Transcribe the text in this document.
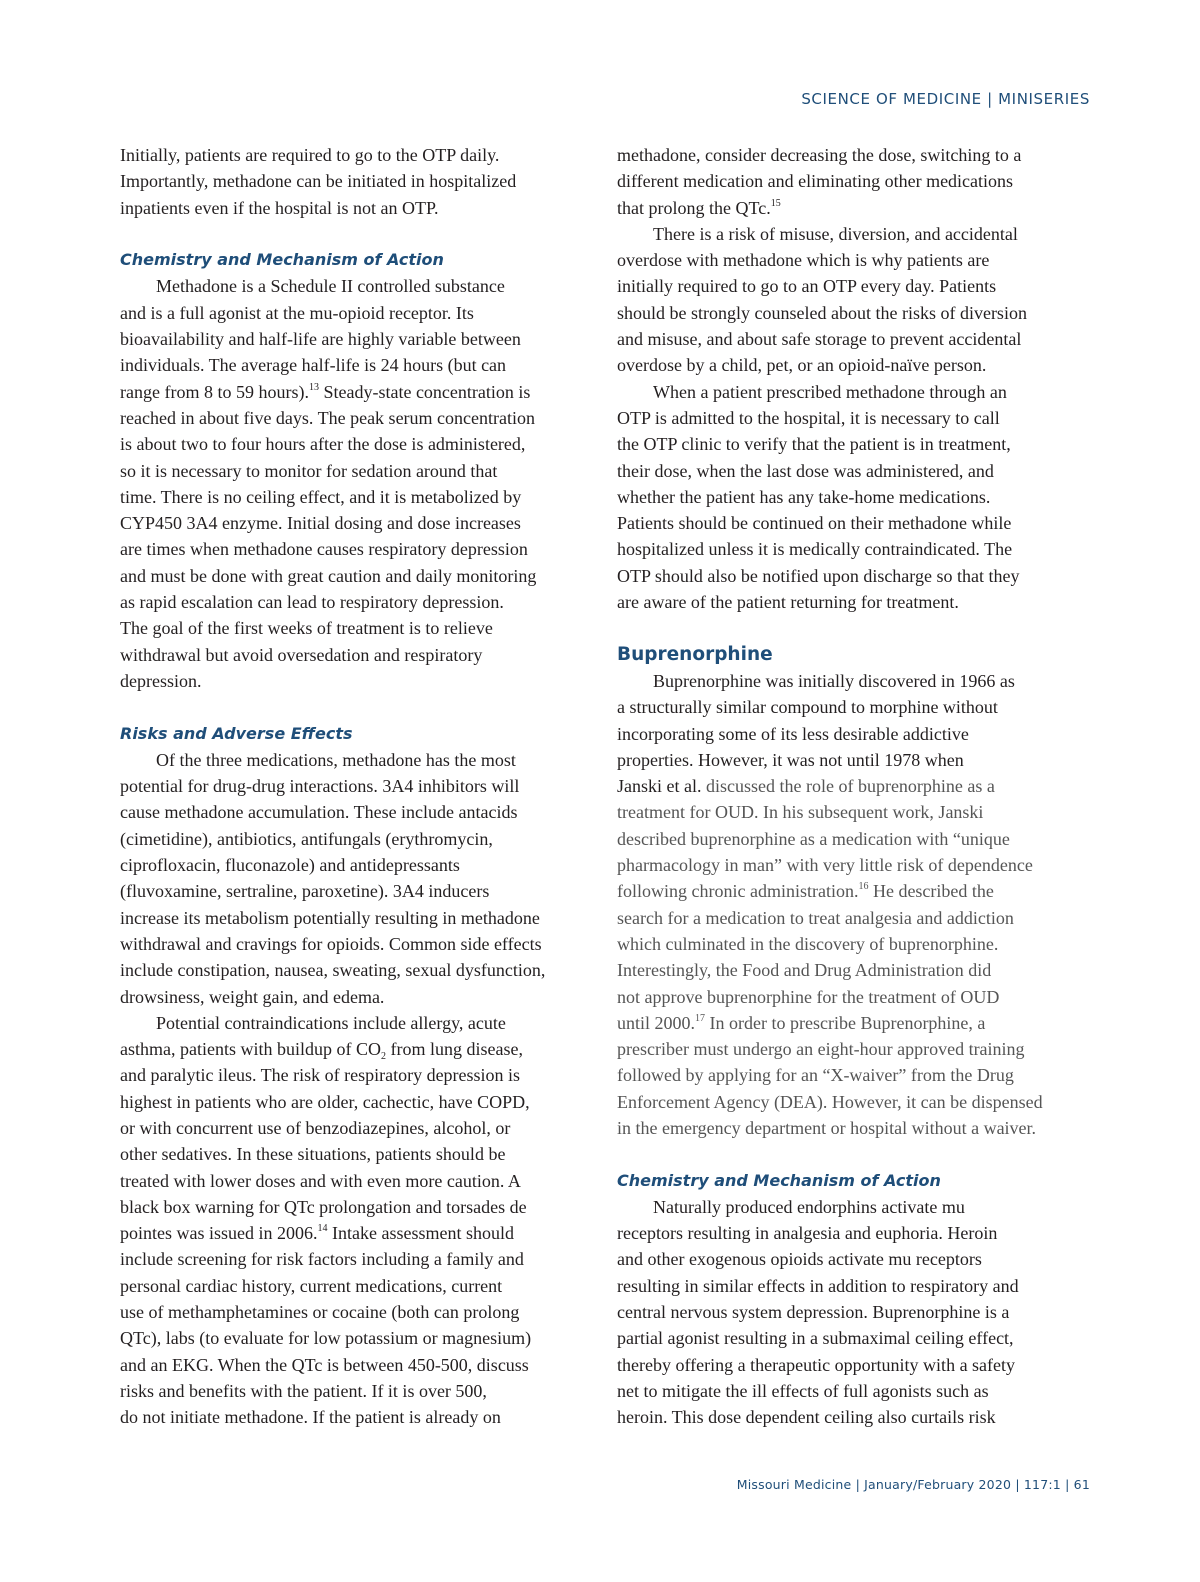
SCIENCE OF MEDICINE | MINISERIES

Initially, patients are required to go to the OTP daily.
Importantly, methadone can be initiated in hospitalized
inpatients even if the hospital is not an OTP.

Chemistry and Mechanism of Action

Methadone is a Schedule II controlled substance
and is a full agonist at the mu-opioid receptor. Its
bioavailability and half-life are highly variable between
individuals. The average half-life is 24 hours (but can
range from 8 to 59 hours).$^{13}$ Steady-state concentration is
reached in about five days. The peak serum concentration
is about two to four hours after the dose is administered,
so it is necessary to monitor for sedation around that
time. There is no ceiling effect, and it is metabolized by
CYP450 3A4 enzyme. Initial dosing and dose increases
are times when methadone causes respiratory depression
and must be done with great caution and daily monitoring
as rapid escalation can lead to respiratory depression.
The goal of the first weeks of treatment is to relieve
withdrawal but avoid oversedation and respiratory
depression.

Risks and Adverse Effects

Of the three medications, methadone has the most
potential for drug-drug interactions. 3A4 inhibitors will
cause methadone accumulation. These include antacids
(cimetidine), antibiotics, antifungals (erythromycin,
ciprofloxacin, fluconazole) and antidepressants
(fluvoxamine, sertraline, paroxetine). 3A4 inducers
increase its metabolism potentially resulting in methadone
withdrawal and cravings for opioids. Common side effects
include constipation, nausea, sweating, sexual dysfunction,
drowsiness, weight gain, and edema.

Potential contraindications include allergy, acute
asthma, patients with buildup of $CO_2$ from lung disease,
and paralytic ileus. The risk of respiratory depression is
highest in patients who are older, cachectic, have COPD,
or with concurrent use of benzodiazepines, alcohol, or
other sedatives. In these situations, patients should be
treated with lower doses and with even more caution. A
black box warning for QTc prolongation and torsades de
pointes was issued in 2006.14 Intake assessment should
include screening for risk factors including a family and
personal cardiac history, current medications, current
use of methamphetamines or cocaine (both can prolong
QTc), labs (to evaluate for low potassium or magnesium)
and an EKG. When the QTc is between 450-500, discuss
risks and benefits with the patient. If it is over 500,
do not initiate methadone. If the patient is already on

methadone, consider decreasing the dose, switching to a
different medication and eliminating other medications
that prolong the QTc.$^{15}$

There is a risk of misuse, diversion, and accidental
overdose with methadone which is why patients are
initially required to go to an OTP every day. Patients
should be strongly counseled about the risks of diversion
and misuse, and about safe storage to prevent accidental
overdose by a child, pet, or an opioid-naïve person.

When a patient prescribed methadone through an
OTP is admitted to the hospital, it is necessary to call
the OTP clinic to verify that the patient is in treatment,
their dose, when the last dose was administered, and
whether the patient has any take-home medications.
Patients should be continued on their methadone while
hospitalized unless it is medically contraindicated. The
OTP should also be notified upon discharge so that they
are aware of the patient returning for treatment.

Buprenorphine

Buprenorphine was initially discovered in 1966 as
a structurally similar compound to morphine without
incorporating some of its less desirable addictive
properties. However, it was not until 1978 when
Janski et al. discussed the role of buprenorphine as a
treatment for OUD. In his subsequent work, Janski
described buprenorphine as a medication with “unique
pharmacology in man” with very little risk of dependence
following chronic administration.$^{16}$ He described the
search for a medication to treat analgesia and addiction
which culminated in the discovery of buprenorphine.
Interestingly, the Food and Drug Administration did
not approve buprenorphine for the treatment of OUD
until 2000.17 In order to prescribe Buprenorphine, a
prescriber must undergo an eight-hour approved training
followed by applying for an “X-waiver” from the Drug
Enforcement Agency (DEA). However, it can be dispensed
in the emergency department or hospital without a waiver.

Chemistry and Mechanism of Action

Naturally produced endorphins activate mu
receptors resulting in analgesia and euphoria. Heroin
and other exogenous opioids activate mu receptors
resulting in similar effects in addition to respiratory and
central nervous system depression. Buprenorphine is a
partial agonist resulting in a submaximal ceiling effect,
thereby offering a therapeutic opportunity with a safety
net to mitigate the ill effects of full agonists such as
heroin. This dose dependent ceiling also curtails risk

Missouri Medicine | January/February 2020 | 117:1 | 61
